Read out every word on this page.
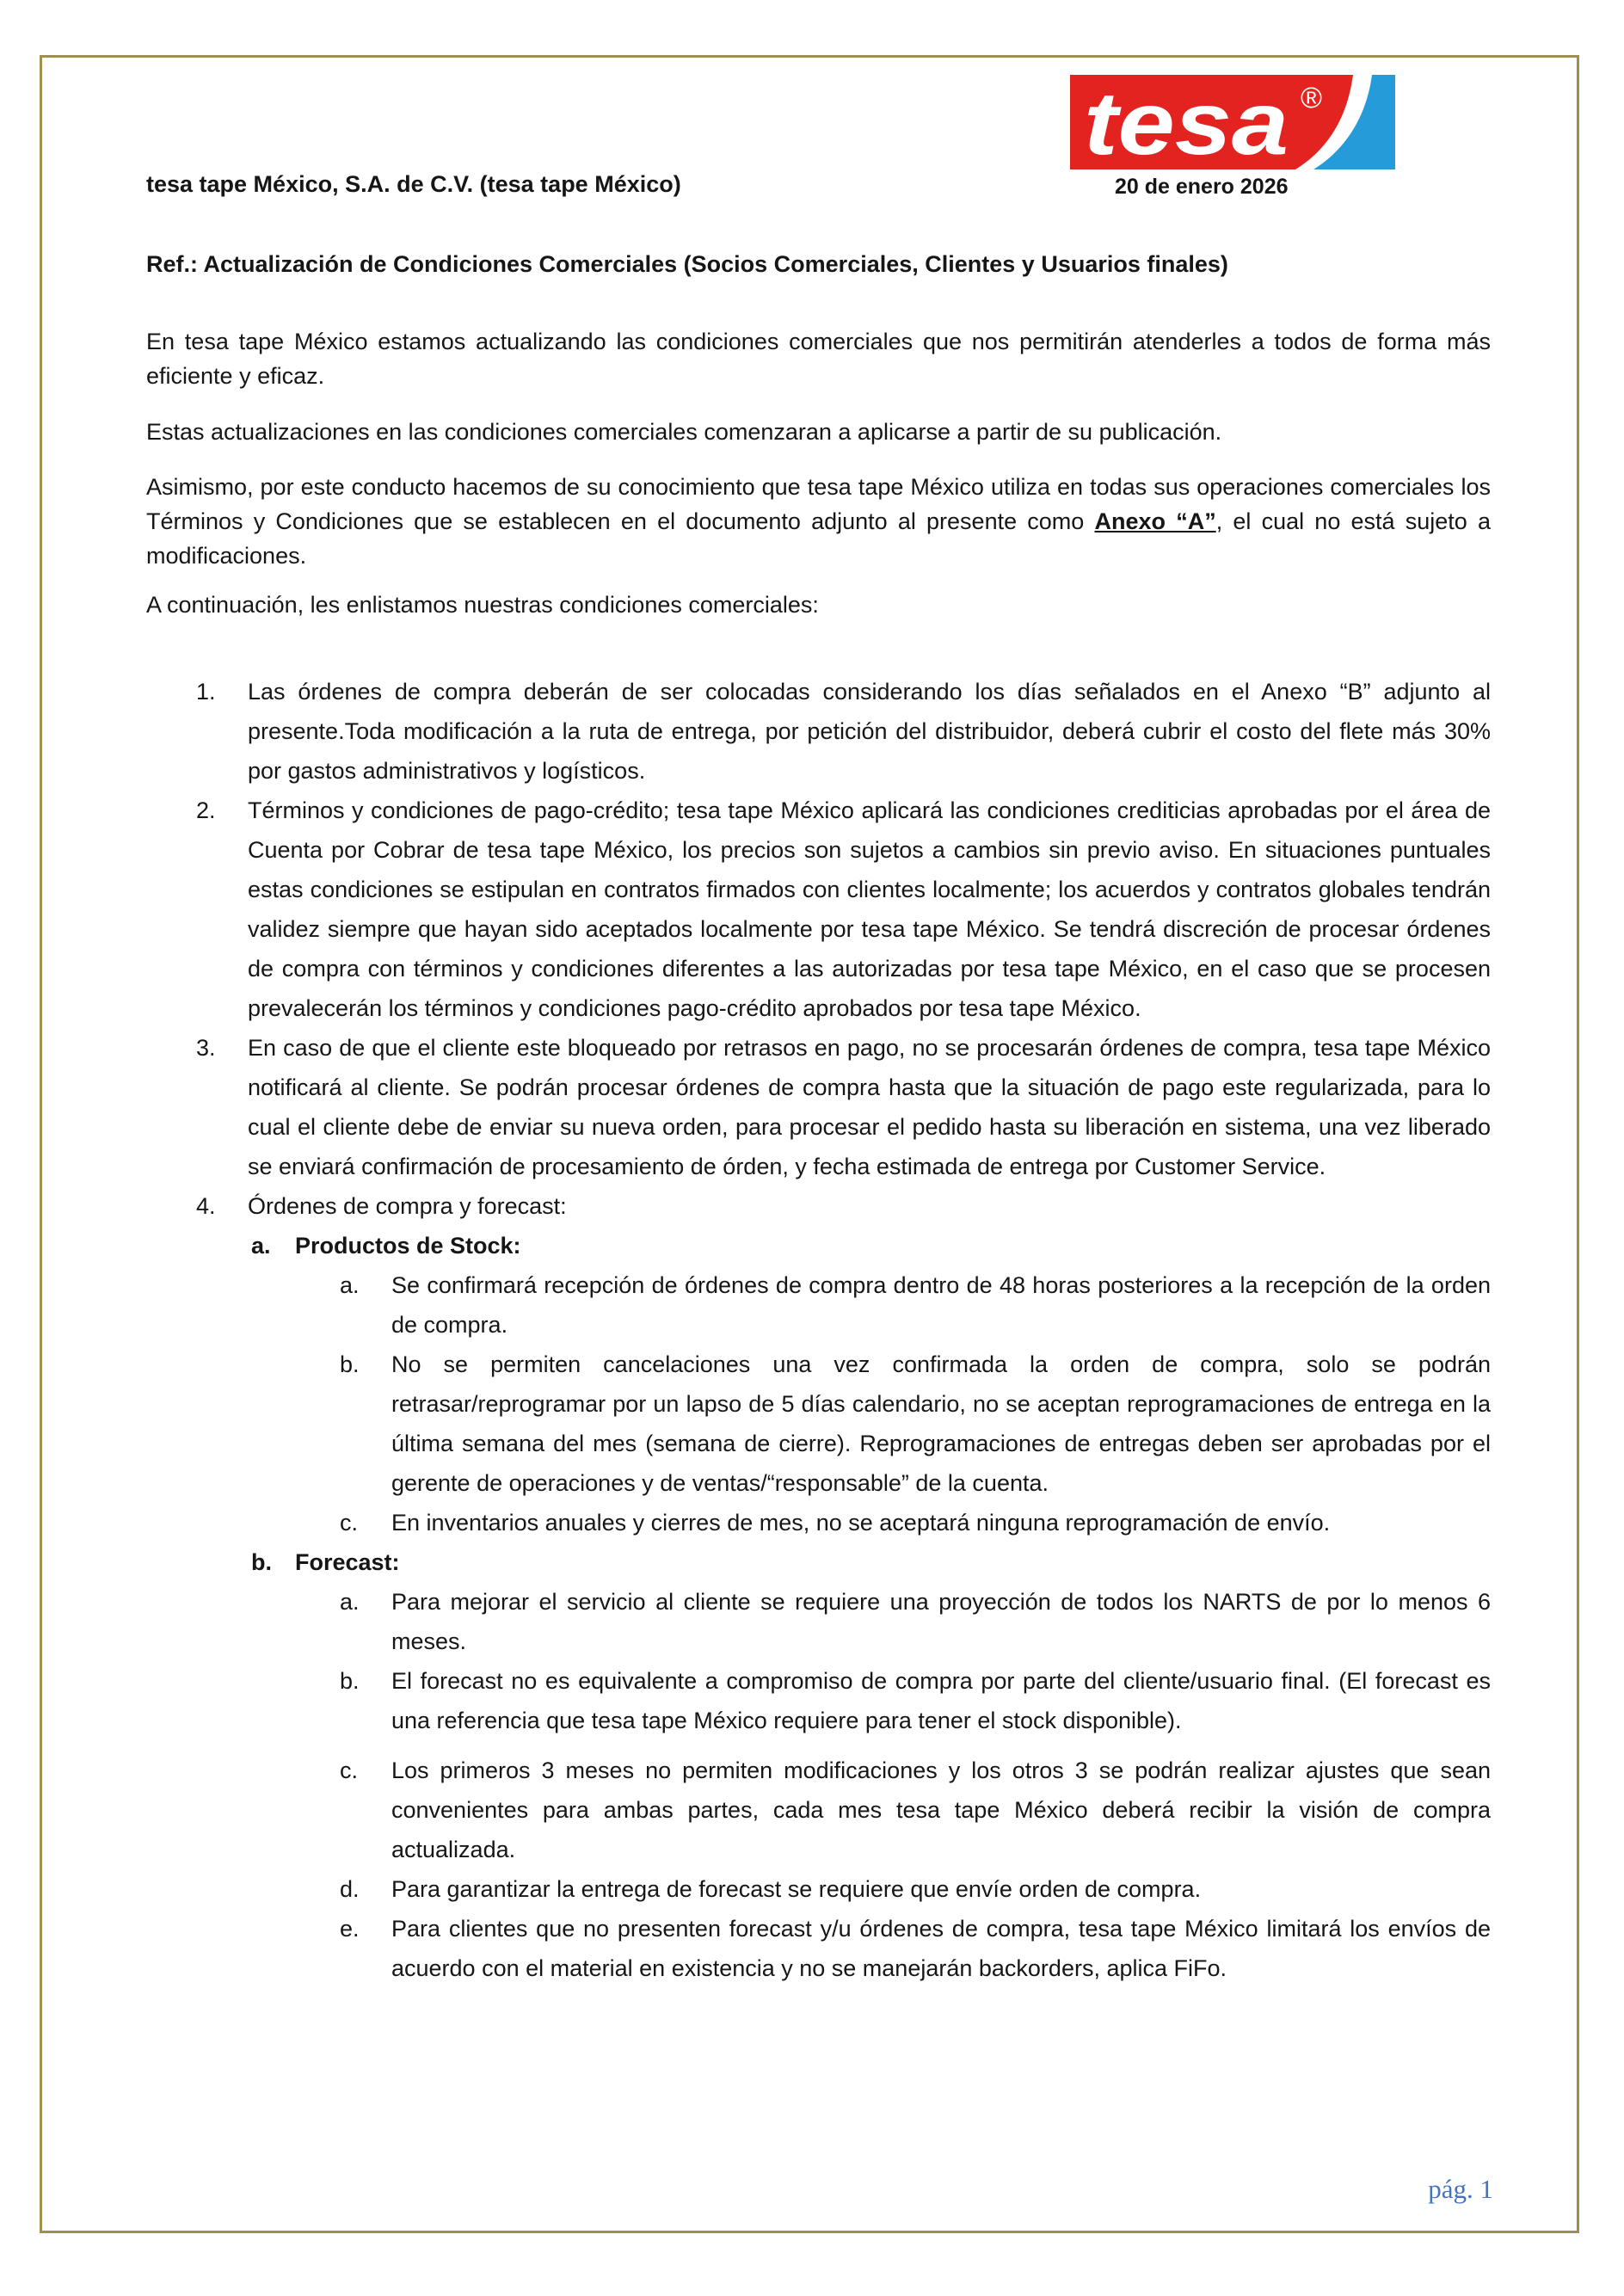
tesa ®
tesa tape México, S.A. de C.V. (tesa tape México)	20 de enero 2026
Ref.: Actualización de Condiciones Comerciales (Socios Comerciales, Clientes y Usuarios finales)

En tesa tape México estamos actualizando las condiciones comerciales que nos permitirán atenderles a todos de forma más eficiente y eficaz.

Estas actualizaciones en las condiciones comerciales comenzaran a aplicarse a partir de su publicación.

Asimismo, por este conducto hacemos de su conocimiento que tesa tape México utiliza en todas sus operaciones comerciales los Términos y Condiciones que se establecen en el documento adjunto al presente como Anexo “A”, el cual no está sujeto a modificaciones.

A continuación, les enlistamos nuestras condiciones comerciales:

1.	Las órdenes de compra deberán de ser colocadas considerando los días señalados en el Anexo “B” adjunto al presente.Toda modificación a la ruta de entrega, por petición del distribuidor, deberá cubrir el costo del flete más 30% por gastos administrativos y logísticos.
2.	Términos y condiciones de pago-crédito; tesa tape México aplicará las condiciones crediticias aprobadas por el área de Cuenta por Cobrar de tesa tape México, los precios son sujetos a cambios sin previo aviso. En situaciones puntuales estas condiciones se estipulan en contratos firmados con clientes localmente; los acuerdos y contratos globales tendrán validez siempre que hayan sido aceptados localmente por tesa tape México. Se tendrá discreción de procesar órdenes de compra con términos y condiciones diferentes a las autorizadas por tesa tape México, en el caso que se procesen prevalecerán los términos y condiciones pago-crédito aprobados por tesa tape México.
3.	En caso de que el cliente este bloqueado por retrasos en pago, no se procesarán órdenes de compra, tesa tape México notificará al cliente. Se podrán procesar órdenes de compra hasta que la situación de pago este regularizada, para lo cual el cliente debe de enviar su nueva orden, para procesar el pedido hasta su liberación en sistema, una vez liberado se enviará confirmación de procesamiento de órden, y fecha estimada de entrega por Customer Service.
4.	Órdenes de compra y forecast:
a.	Productos de Stock:
a.	Se confirmará recepción de órdenes de compra dentro de 48 horas posteriores a la recepción de la orden de compra.
b.	No se permiten cancelaciones una vez confirmada la orden de compra, solo se podrán retrasar/reprogramar por un lapso de 5 días calendario, no se aceptan reprogramaciones de entrega en la última semana del mes (semana de cierre). Reprogramaciones de entregas deben ser aprobadas por el gerente de operaciones y de ventas/“responsable” de la cuenta.
c.	En inventarios anuales y cierres de mes, no se aceptará ninguna reprogramación de envío.
b.	Forecast:
a.	Para mejorar el servicio al cliente se requiere una proyección de todos los NARTS de por lo menos 6 meses.
b.	El forecast no es equivalente a compromiso de compra por parte del cliente/usuario final. (El forecast es una referencia que tesa tape México requiere para tener el stock disponible).
c.	Los primeros 3 meses no permiten modificaciones y los otros 3 se podrán realizar ajustes que sean convenientes para ambas partes, cada mes tesa tape México deberá recibir la visión de compra actualizada.
d.	Para garantizar la entrega de forecast se requiere que envíe orden de compra.
e.	Para clientes que no presenten forecast y/u órdenes de compra, tesa tape México limitará los envíos de acuerdo con el material en existencia y no se manejarán backorders, aplica FiFo.
pág. 1
